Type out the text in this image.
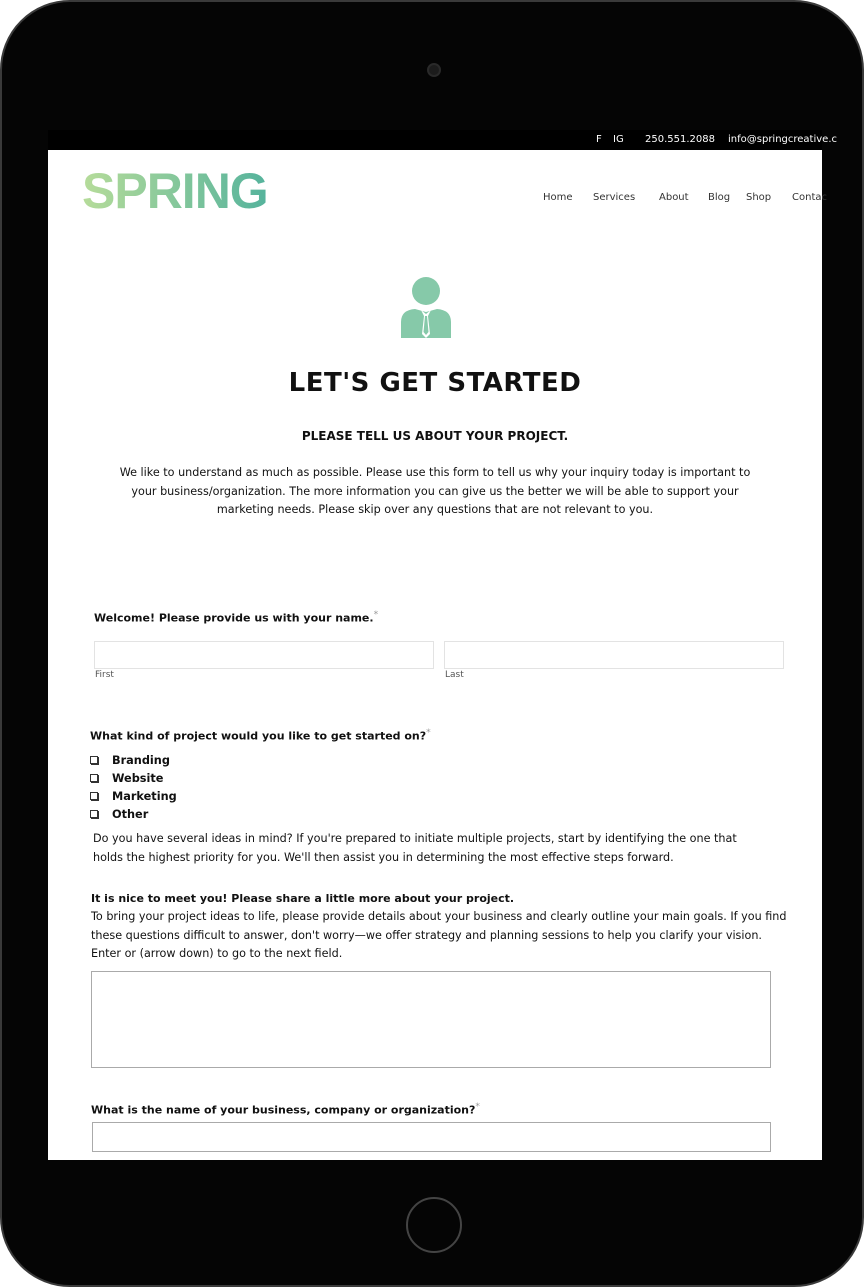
F IG 250.551.2088 info@springcreative.c
SPRING	Home Services About Blog Shop Contac
LET'S GET STARTED
PLEASE TELL US ABOUT YOUR PROJECT.
We like to understand as much as possible. Please use this form to tell us why your inquiry today is important to your business/organization. The more information you can give us the better we will be able to support your marketing needs. Please skip over any questions that are not relevant to you.
Welcome! Please provide us with your name.*
First	Last
What kind of project would you like to get started on?*
Branding
Website
Marketing
Other
Do you have several ideas in mind? If you're prepared to initiate multiple projects, start by identifying the one that holds the highest priority for you. We'll then assist you in determining the most effective steps forward.
It is nice to meet you! Please share a little more about your project.
To bring your project ideas to life, please provide details about your business and clearly outline your main goals. If you find these questions difficult to answer, don't worry—we offer strategy and planning sessions to help you clarify your vision. Enter or (arrow down) to go to the next field.
What is the name of your business, company or organization?*
